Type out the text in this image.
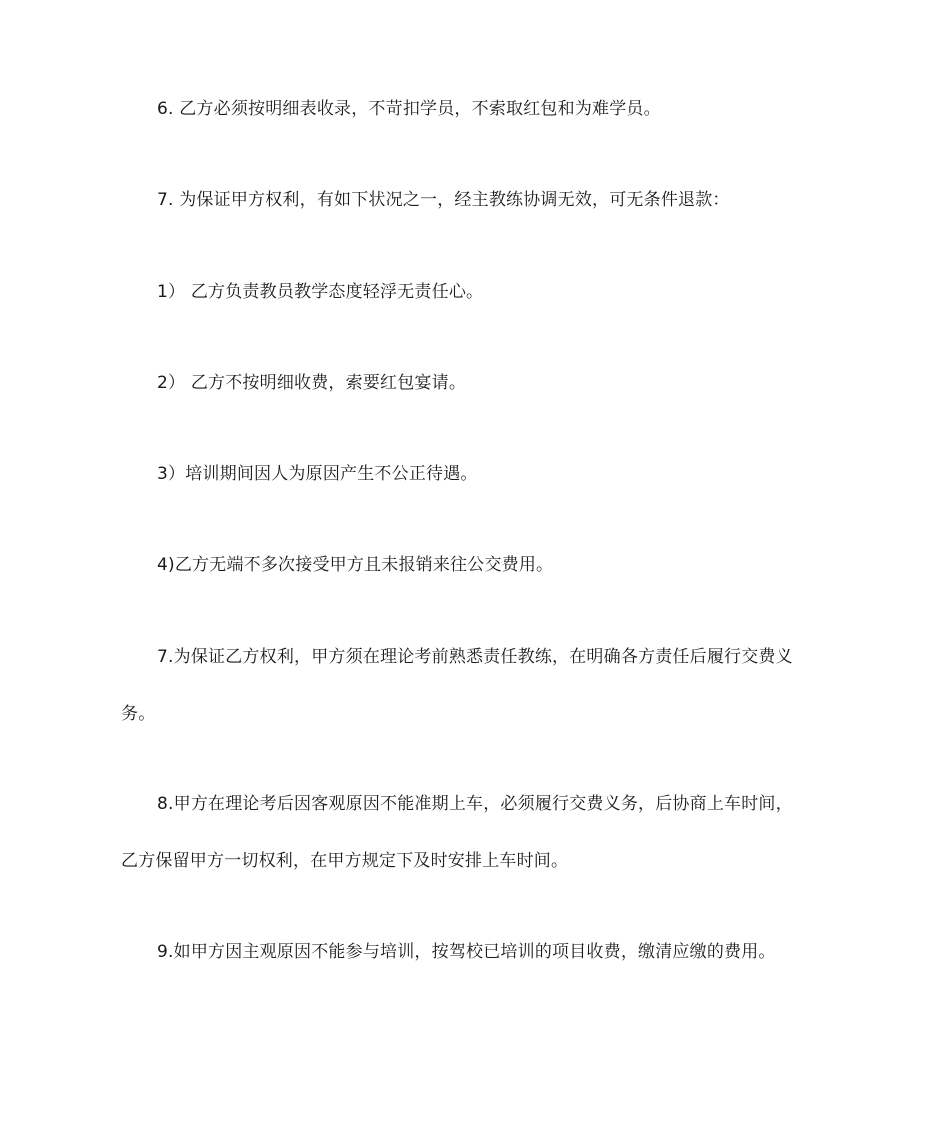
6. 乙方必须按明细表收录，不苛扣学员，不索取红包和为难学员。

7. 为保证甲方权利，有如下状况之一，经主教练协调无效，可无条件退款：

1） 乙方负责教员教学态度轻浮无责任心。

2） 乙方不按明细收费，索要红包宴请。

3）培训期间因人为原因产生不公正待遇。

4)乙方无端不多次接受甲方且未报销来往公交费用。

7.为保证乙方权利，甲方须在理论考前熟悉责任教练，在明确各方责任后履行交费义

务。

8.甲方在理论考后因客观原因不能准期上车，必须履行交费义务，后协商上车时间，

乙方保留甲方一切权利，在甲方规定下及时安排上车时间。

9.如甲方因主观原因不能参与培训，按驾校已培训的项目收费，缴清应缴的费用。
